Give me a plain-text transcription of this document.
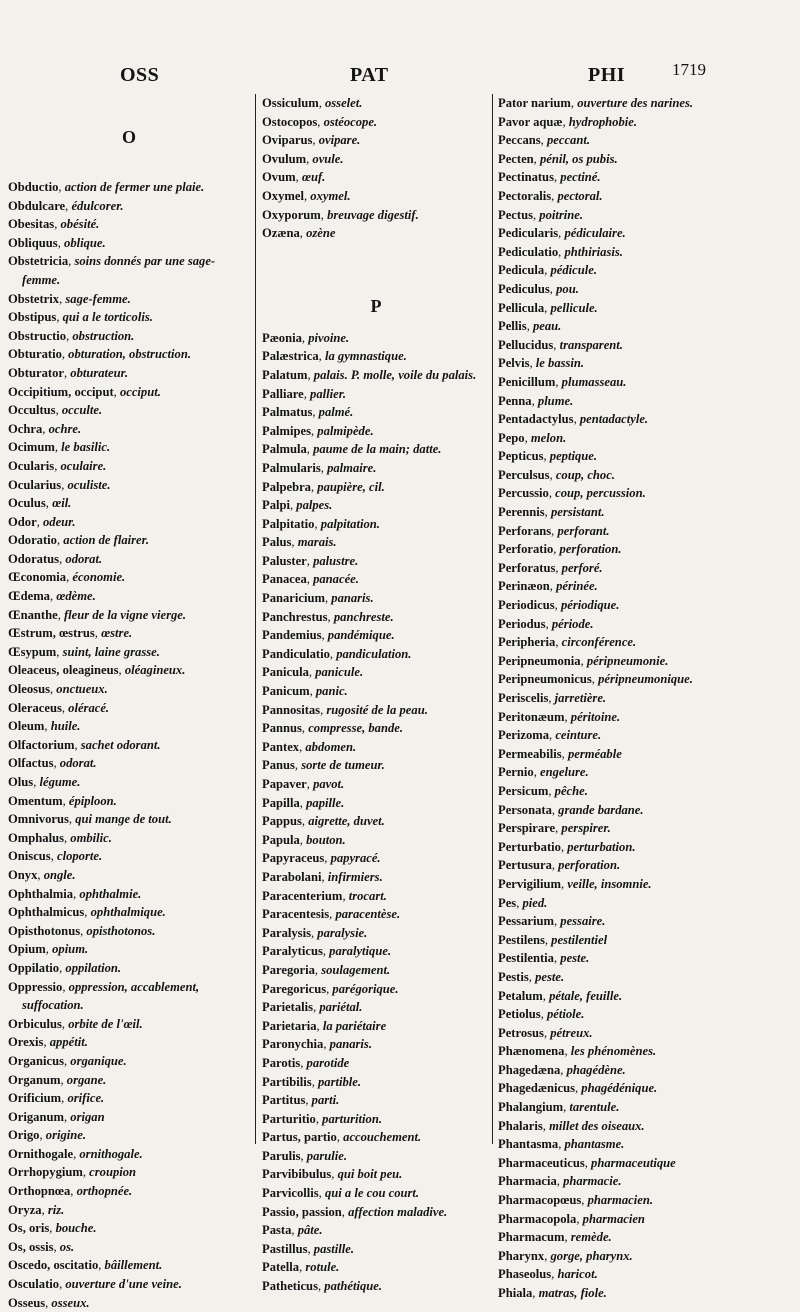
OSS	PAT	PHI	1719
O
Obductio, action de fermer une plaie.
Obdulcare, édulcorer.
Obesitas, obésité.
Obliquus, oblique.
Obstetricia, soins donnés par une sage-femme.
Obstetrix, sage-femme.
Obstipus, qui a le torticolis.
Obstructio, obstruction.
Obturatio, obturation, obstruction.
Obturator, obturateur.
Occipitium, occiput, occiput.
Occultus, occulte.
Ochra, ochre.
Ocimum, le basilic.
Ocularis, oculaire.
Ocularius, oculiste.
Oculus, œil.
Odor, odeur.
Odoratio, action de flairer.
Odoratus, odorat.
Œconomia, économie.
Œdema, œdème.
Œnanthe, fleur de la vigne vierge.
Œstrum, œstrus, œstre.
Œsypum, suint, laine grasse.
Oleaceus, oleagineus, oléagineux.
Oleosus, onctueux.
Oleraceus, oléracé.
Oleum, huile.
Olfactorium, sachet odorant.
Olfactus, odorat.
Olus, légume.
Omentum, épiploon.
Omnivorus, qui mange de tout.
Omphalus, ombilic.
Oniscus, cloporte.
Onyx, ongle.
Ophthalmia, ophthalmie.
Ophthalmicus, ophthalmique.
Opisthotonus, opisthotonos.
Opium, opium.
Oppilatio, oppilation.
Oppressio, oppression, accablement, suffocation.
Orbiculus, orbite de l'œil.
Orexis, appétit.
Organicus, organique.
Organum, organe.
Orificium, orifice.
Origanum, origan
Origo, origine.
Ornithogale, ornithogale.
Orrhopygium, croupion
Orthopnœa, orthopnée.
Oryza, riz.
Os, oris, bouche.
Os, ossis, os.
Oscedo, oscitatio, bâillement.
Osculatio, ouverture d'une veine.
Osseus, osseux.
Ossiculum, osselet.
Ostocopos, ostéocope.
Oviparus, ovipare.
Ovulum, ovule.
Ovum, œuf.
Oxymel, oxymel.
Oxyporum, breuvage digestif.
Ozæna, ozène
P
Pæonia, pivoine.
Palæstrica, la gymnastique.
Palatum, palais. P. molle, voile du palais.
Palliare, pallier.
Palmatus, palmé.
Palmipes, palmipède.
Palmula, paume de la main; datte.
Palmularis, palmaire.
Palpebra, paupière, cil.
Palpi, palpes.
Palpitatio, palpitation.
Palus, marais.
Paluster, palustre.
Panacea, panacée.
Panaricium, panaris.
Panchrestus, panchreste.
Pandemius, pandémique.
Pandiculatio, pandiculation.
Panicula, panicule.
Panicum, panic.
Pannositas, rugosité de la peau.
Pannus, compresse, bande.
Pantex, abdomen.
Panus, sorte de tumeur.
Papaver, pavot.
Papilla, papille.
Pappus, aigrette, duvet.
Papula, bouton.
Papyraceus, papyracé.
Parabolani, infirmiers.
Paracenterium, trocart.
Paracentesis, paracentèse.
Paralysis, paralysie.
Paralyticus, paralytique.
Paregoria, soulagement.
Paregoricus, parégorique.
Parietalis, pariétal.
Parietaria, la pariétaire
Paronychia, panaris.
Parotis, parotide
Partibilis, partible.
Partitus, parti.
Parturitio, parturition.
Partus, partio, accouchement.
Parulis, parulie.
Parvibibulus, qui boit peu.
Parvicollis, qui a le cou court.
Passio, passion, affection maladive.
Pasta, pâte.
Pastillus, pastille.
Patella, rotule.
Patheticus, pathétique.
Pator narium, ouverture des narines.
Pavor aquæ, hydrophobie.
Peccans, peccant.
Pecten, pénil, os pubis.
Pectinatus, pectiné.
Pectoralis, pectoral.
Pectus, poitrine.
Pedicularis, pédiculaire.
Pediculatio, phthiriasis.
Pedicula, pédicule.
Pediculus, pou.
Pellicula, pellicule.
Pellis, peau.
Pellucidus, transparent.
Pelvis, le bassin.
Penicillum, plumasseau.
Penna, plume.
Pentadactylus, pentadactyle.
Pepo, melon.
Pepticus, peptique.
Perculsus, coup, choc.
Percussio, coup, percussion.
Perennis, persistant.
Perforans, perforant.
Perforatio, perforation.
Perforatus, perforé.
Perinæon, périnée.
Periodicus, périodique.
Periodus, période.
Peripheria, circonférence.
Peripneumonia, péripneumonie.
Peripneumonicus, péripneumonique.
Periscelis, jarretière.
Peritonæum, péritoine.
Perizoma, ceinture.
Permeabilis, perméable
Pernio, engelure.
Persicum, pêche.
Personata, grande bardane.
Perspirare, perspirer.
Perturbatio, perturbation.
Pertusura, perforation.
Pervigilium, veille, insomnie.
Pes, pied.
Pessarium, pessaire.
Pestilens, pestilentiel
Pestilentia, peste.
Pestis, peste.
Petalum, pétale, feuille.
Petiolus, pétiole.
Petrosus, pétreux.
Phænomena, les phénomènes.
Phagedæna, phagédène.
Phagedænicus, phagédénique.
Phalangium, tarentule.
Phalaris, millet des oiseaux.
Phantasma, phantasme.
Pharmaceuticus, pharmaceutique
Pharmacia, pharmacie.
Pharmacopœus, pharmacien.
Pharmacopola, pharmacien
Pharmacum, remède.
Pharynx, gorge, pharynx.
Phaseolus, haricot.
Phiala, matras, fiole.
